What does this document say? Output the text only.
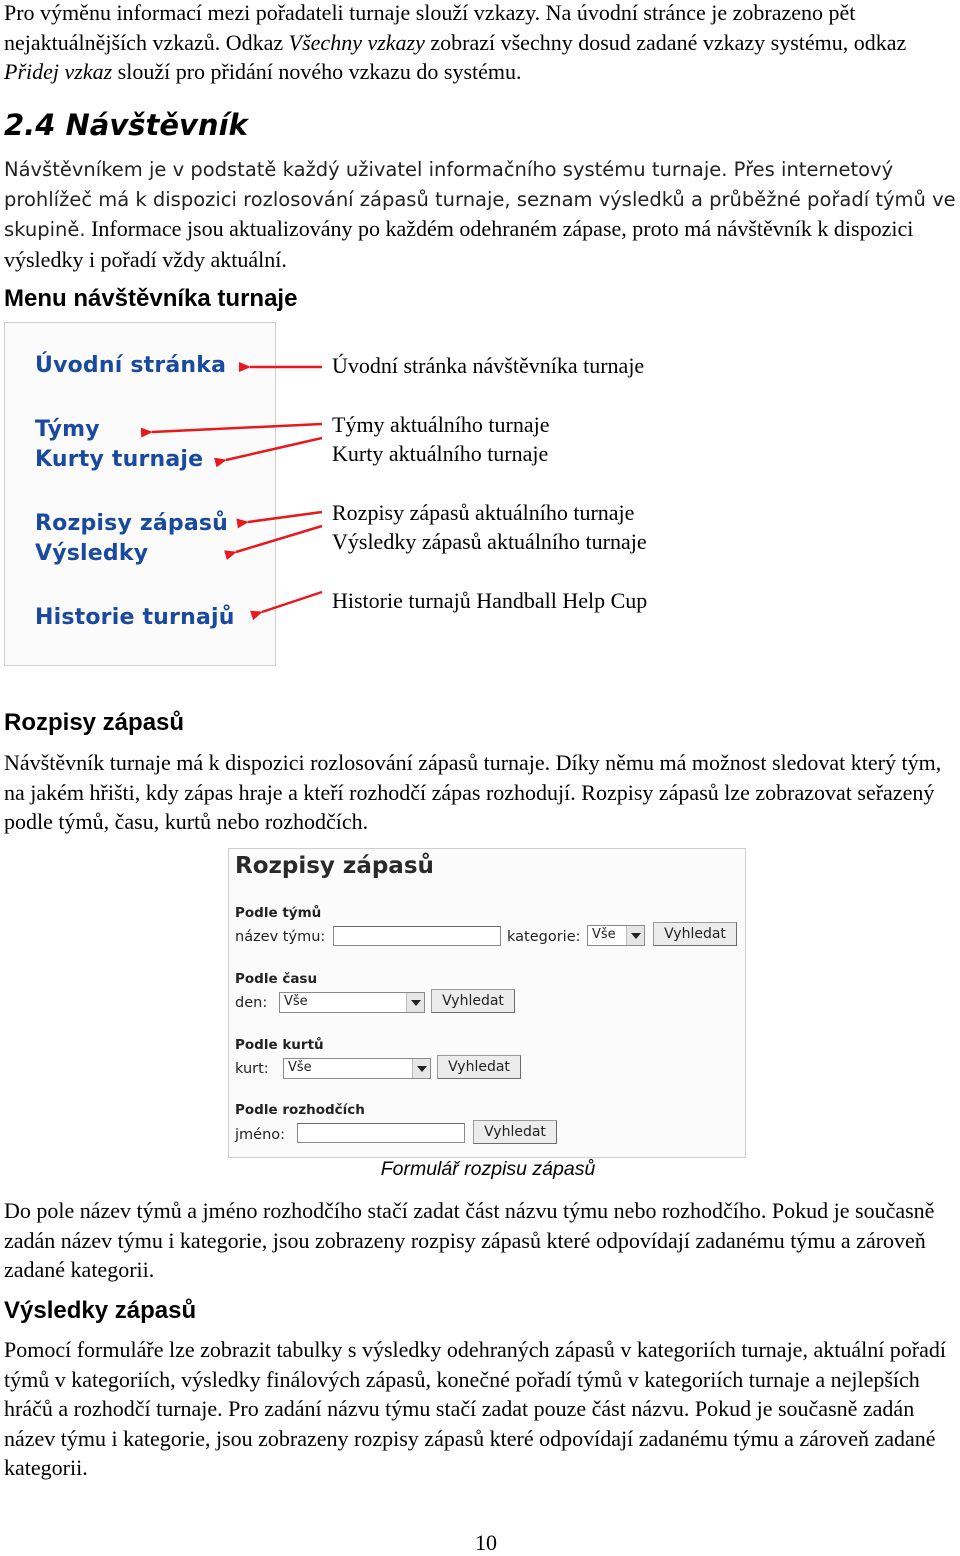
Pro výměnu informací mezi pořadateli turnaje slouží vzkazy. Na úvodní stránce je zobrazeno pět nejaktuálnějších vzkazů. Odkaz Všechny vzkazy zobrazí všechny dosud zadané vzkazy systému, odkaz Přidej vzkaz slouží pro přidání nového vzkazu do systému.

2.4 Návštěvník

Návštěvníkem je v podstatě každý uživatel informačního systému turnaje. Přes internetový prohlížeč má k dispozici rozlosování zápasů turnaje, seznam výsledků a průběžné pořadí týmů ve skupině. Informace jsou aktualizovány po každém odehraném zápase, proto má návštěvník k dispozici výsledky i pořadí vždy aktuální.

Menu návštěvníka turnaje
Úvodní stránka
Týmy
Kurty turnaje
Rozpisy zápasů
Výsledky
Historie turnajů
Úvodní stránka návštěvníka turnaje
Týmy aktuálního turnaje
Kurty aktuálního turnaje
Rozpisy zápasů aktuálního turnaje
Výsledky zápasů aktuálního turnaje
Historie turnajů Handball Help Cup
Rozpisy zápasů

Návštěvník turnaje má k dispozici rozlosování zápasů turnaje. Díky němu má možnost sledovat který tým, na jakém hřišti, kdy zápas hraje a kteří rozhodčí zápas rozhodují. Rozpisy zápasů lze zobrazovat seřazený podle týmů, času, kurtů nebo rozhodčích.

Rozpisy zápasů
Podle týmů
název týmu:	kategorie: Vše	Vyhledat
Podle času
den: Vše	Vyhledat
Podle kurtů
kurt: Vše	Vyhledat
Podle rozhodčích
jméno:	Vyhledat
Formulář rozpisu zápasů

Do pole název týmů a jméno rozhodčího stačí zadat část názvu týmu nebo rozhodčího. Pokud je současně zadán název týmu i kategorie, jsou zobrazeny rozpisy zápasů které odpovídají zadanému týmu a zároveň zadané kategorii.

Výsledky zápasů

Pomocí formuláře lze zobrazit tabulky s výsledky odehraných zápasů v kategoriích turnaje, aktuální pořadí týmů v kategoriích, výsledky finálových zápasů, konečné pořadí týmů v kategoriích turnaje a nejlepších hráčů a rozhodčí turnaje. Pro zadání názvu týmu stačí zadat pouze část názvu. Pokud je současně zadán název týmu i kategorie, jsou zobrazeny rozpisy zápasů které odpovídají zadanému týmu a zároveň zadané kategorii.

10
